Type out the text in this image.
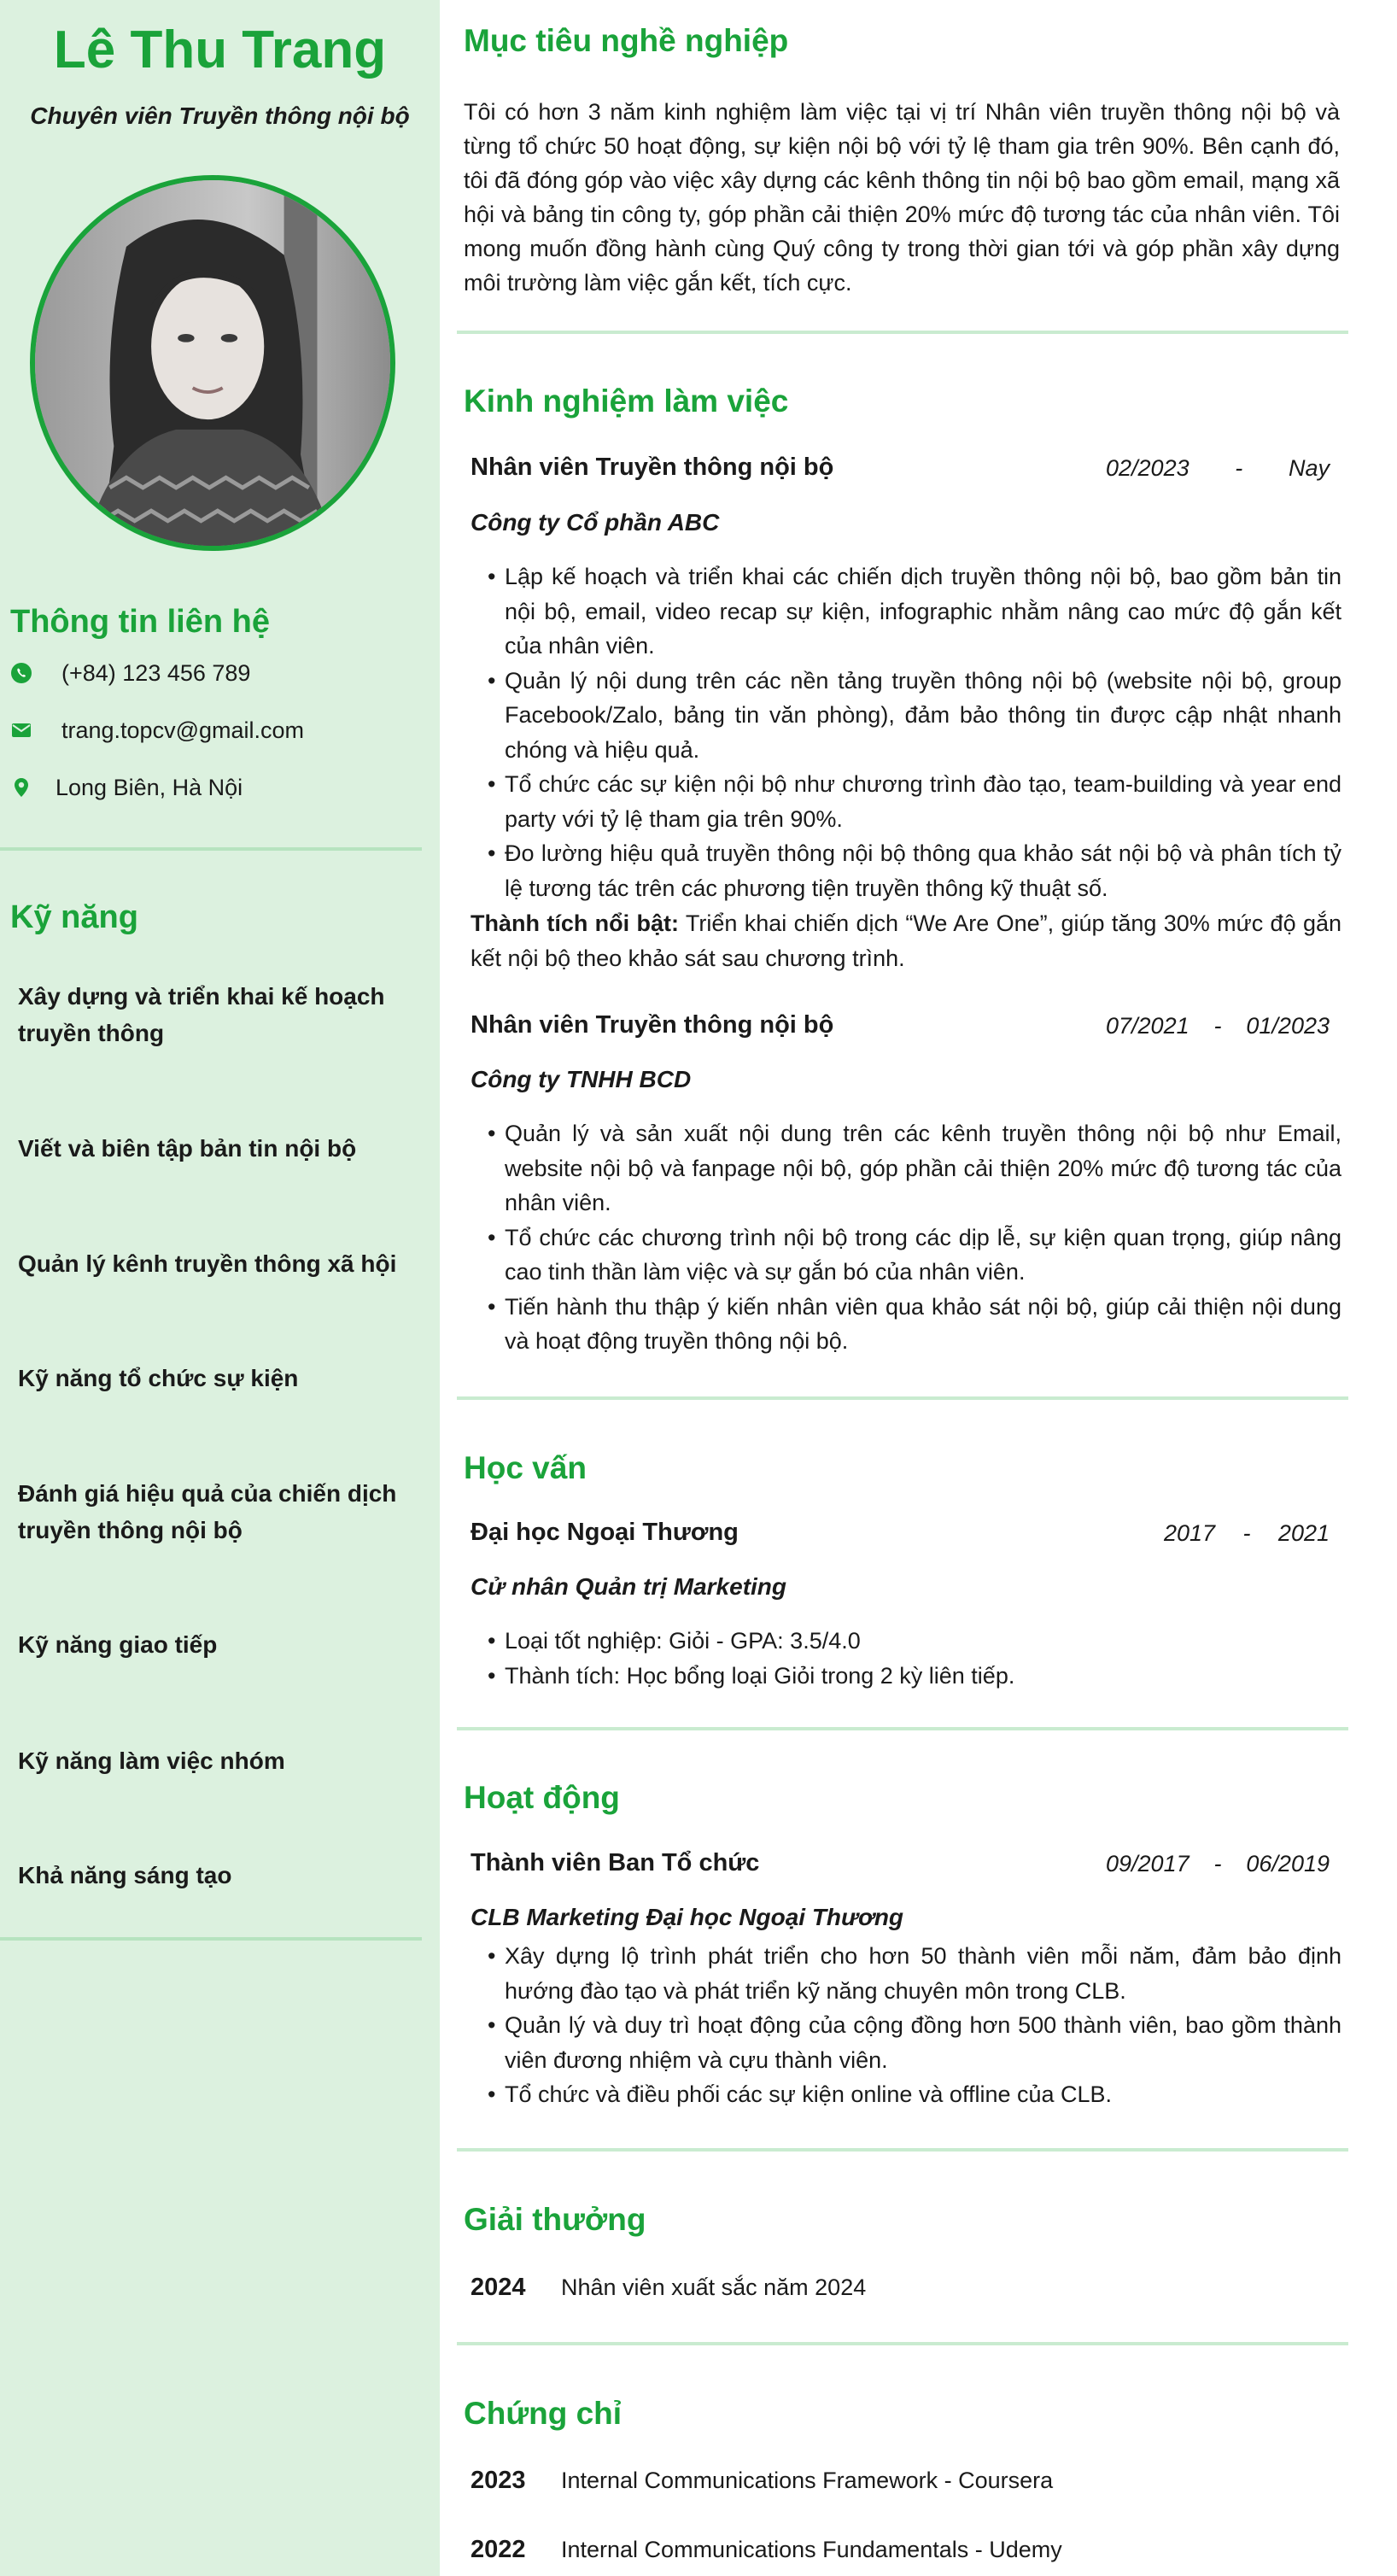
Lê Thu Trang
Chuyên viên Truyền thông nội bộ
Thông tin liên hệ
(+84) 123 456 789
trang.topcv@gmail.com
Long Biên, Hà Nội
Kỹ năng
Xây dựng và triển khai kế hoạch truyền thông
Viết và biên tập bản tin nội bộ
Quản lý kênh truyền thông xã hội
Kỹ năng tổ chức sự kiện
Đánh giá hiệu quả của chiến dịch truyền thông nội bộ
Kỹ năng giao tiếp
Kỹ năng làm việc nhóm
Khả năng sáng tạo
Mục tiêu nghề nghiệp

Tôi có hơn 3 năm kinh nghiệm làm việc tại vị trí Nhân viên truyền thông nội bộ và từng tổ chức 50 hoạt động, sự kiện nội bộ với tỷ lệ tham gia trên 90%. Bên cạnh đó, tôi đã đóng góp vào việc xây dựng các kênh thông tin nội bộ bao gồm email, mạng xã hội và bảng tin công ty, góp phần cải thiện 20% mức độ tương tác của nhân viên. Tôi mong muốn đồng hành cùng Quý công ty trong thời gian tới và góp phần xây dựng môi trường làm việc gắn kết, tích cực.

Kinh nghiệm làm việc
Nhân viên Truyền thông nội bộ	02/2023 - Nay
Công ty Cổ phần ABC
• Lập kế hoạch và triển khai các chiến dịch truyền thông nội bộ, bao gồm bản tin nội bộ, email, video recap sự kiện, infographic nhằm nâng cao mức độ gắn kết của nhân viên.
• Quản lý nội dung trên các nền tảng truyền thông nội bộ (website nội bộ, group Facebook/Zalo, bảng tin văn phòng), đảm bảo thông tin được cập nhật nhanh chóng và hiệu quả.
• Tổ chức các sự kiện nội bộ như chương trình đào tạo, team-building và year end party với tỷ lệ tham gia trên 90%.
• Đo lường hiệu quả truyền thông nội bộ thông qua khảo sát nội bộ và phân tích tỷ lệ tương tác trên các phương tiện truyền thông kỹ thuật số.

Thành tích nổi bật: Triển khai chiến dịch “We Are One”, giúp tăng 30% mức độ gắn kết nội bộ theo khảo sát sau chương trình.

Nhân viên Truyền thông nội bộ	07/2021 - 01/2023
Công ty TNHH BCD
• Quản lý và sản xuất nội dung trên các kênh truyền thông nội bộ như Email, website nội bộ và fanpage nội bộ, góp phần cải thiện 20% mức độ tương tác của nhân viên.
• Tổ chức các chương trình nội bộ trong các dịp lễ, sự kiện quan trọng, giúp nâng cao tinh thần làm việc và sự gắn bó của nhân viên.
• Tiến hành thu thập ý kiến nhân viên qua khảo sát nội bộ, giúp cải thiện nội dung và hoạt động truyền thông nội bộ.
Học vấn
Đại học Ngoại Thương	2017 - 2021
Cử nhân Quản trị Marketing
• Loại tốt nghiệp: Giỏi - GPA: 3.5/4.0
• Thành tích: Học bổng loại Giỏi trong 2 kỳ liên tiếp.
Hoạt động
Thành viên Ban Tổ chức	09/2017 - 06/2019
CLB Marketing Đại học Ngoại Thương
• Xây dựng lộ trình phát triển cho hơn 50 thành viên mỗi năm, đảm bảo định hướng đào tạo và phát triển kỹ năng chuyên môn trong CLB.
• Quản lý và duy trì hoạt động của cộng đồng hơn 500 thành viên, bao gồm thành viên đương nhiệm và cựu thành viên.
• Tổ chức và điều phối các sự kiện online và offline của CLB.
Giải thưởng
2024	Nhân viên xuất sắc năm 2024
Chứng chỉ
2023	Internal Communications Framework - Coursera
2022	Internal Communications Fundamentals - Udemy
